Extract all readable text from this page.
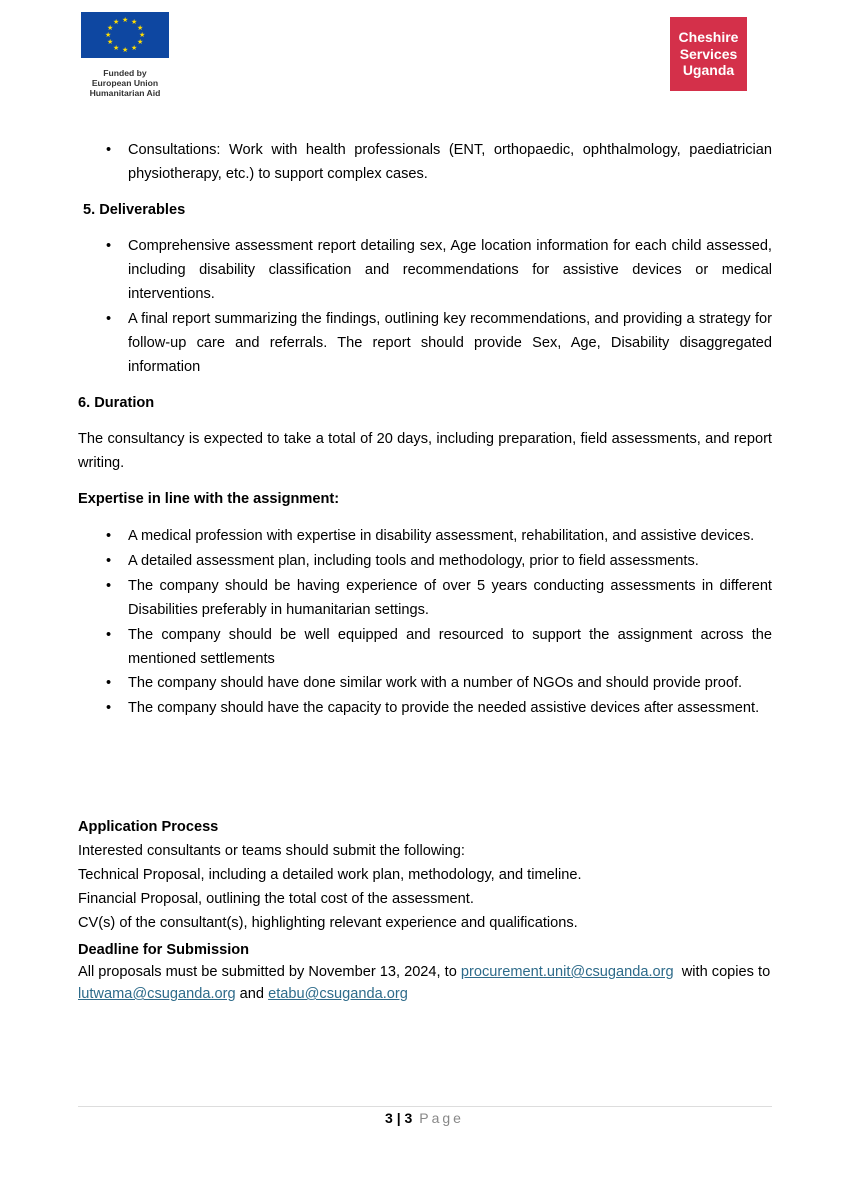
★ ★
★
★
★
★
★
★
★
★
★
★
Funded by
European Union
Humanitarian Aid
Cheshire
Services
Uganda
• Consultations: Work with health professionals (ENT, orthopaedic, ophthalmology, paediatrician physiotherapy, etc.) to support complex cases.
5. Deliverables
• Comprehensive assessment report detailing sex, Age location information for each child assessed, including disability classification and recommendations for assistive devices or medical interventions.
• A final report summarizing the findings, outlining key recommendations, and providing a strategy for follow-up care and referrals. The report should provide Sex, Age, Disability disaggregated information
6. Duration
The consultancy is expected to take a total of 20 days, including preparation, field assessments, and report writing.
Expertise in line with the assignment:
• A medical profession with expertise in disability assessment, rehabilitation, and assistive devices.
• A detailed assessment plan, including tools and methodology, prior to field assessments.
• The company should be having experience of over 5 years conducting assessments in different Disabilities preferably in humanitarian settings.
• The company should be well equipped and resourced to support the assignment across the mentioned settlements
• The company should have done similar work with a number of NGOs and should provide proof.
• The company should have the capacity to provide the needed assistive devices after assessment.
Application Process
Interested consultants or teams should submit the following:
Technical Proposal, including a detailed work plan, methodology, and timeline.
Financial Proposal, outlining the total cost of the assessment.
CV(s) of the consultant(s), highlighting relevant experience and qualifications.
Deadline for Submission
All proposals must be submitted by November 13, 2024, to procurement.unit@csuganda.org  with copies to lutwama@csuganda.org and etabu@csuganda.org
3 | 3 Page
